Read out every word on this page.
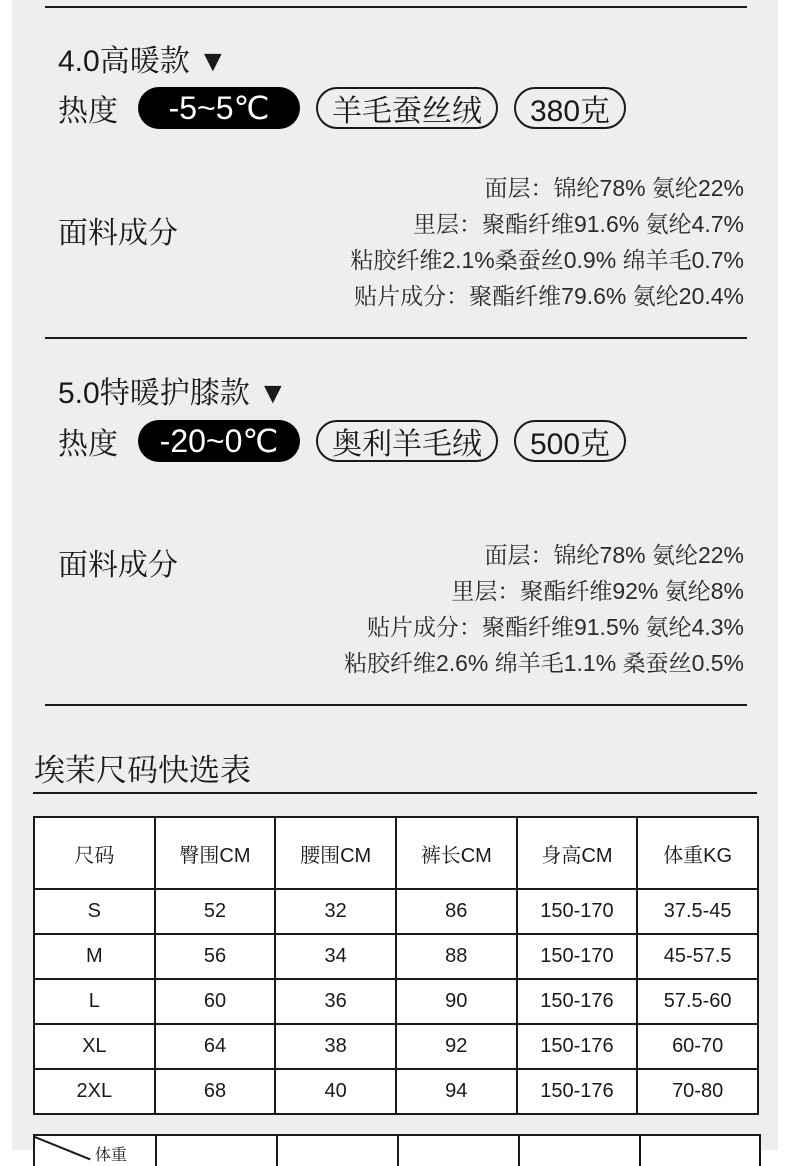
4.0高暖款 ▼
热度	-5~5℃	羊毛蚕丝绒	380克
面料成分
面层：锦纶78% 氨纶22%
里层：聚酯纤维91.6% 氨纶4.7%
粘胶纤维2.1%桑蚕丝0.9% 绵羊毛0.7%
贴片成分：聚酯纤维79.6% 氨纶20.4%
5.0特暖护膝款 ▼
热度	-20~0℃	奥利羊毛绒	500克
面料成分	面层：锦纶78% 氨纶22%
里层：聚酯纤维92% 氨纶8%
贴片成分：聚酯纤维91.5% 氨纶4.3%
粘胶纤维2.6% 绵羊毛1.1% 桑蚕丝0.5%
埃茉尺码快选表
尺码	臀围CM	腰围CM	裤长CM	身高CM	体重KG
S	52	32	86	150-170	37.5-45
M	56	34	88	150-170	45-57.5
L	60	36	90	150-176	57.5-60
XL	64	38	92	150-176	60-70
2XL	68	40	94	150-176	70-80
体重
